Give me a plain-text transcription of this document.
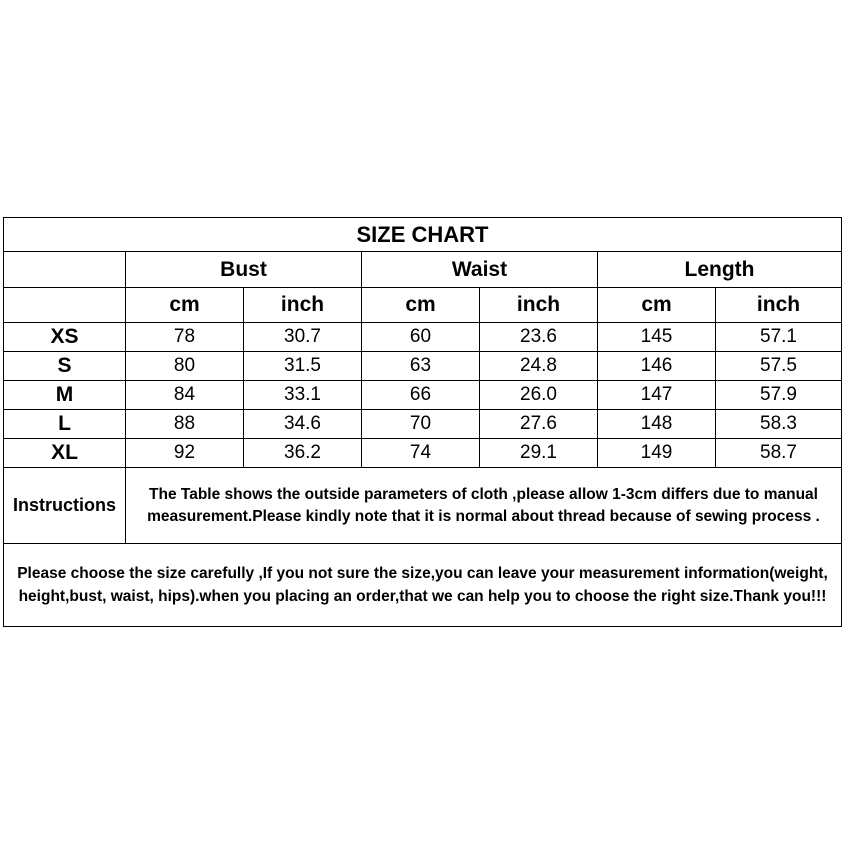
SIZE CHART						
	Bust		Waist		Length	
	cm	inch	cm	inch	cm	inch
XS	78	30.7	60	23.6	145	57.1
S	80	31.5	63	24.8	146	57.5
M	84	33.1	66	26.0	147	57.9
L	88	34.6	70	27.6	148	58.3
XL	92	36.2	74	29.1	149	58.7
Instructions	The Table shows the outside parameters of cloth ,please allow 1-3cm differs due to manual measurement.Please kindly note that it is normal about thread because of sewing process .					
Please choose the size carefully ,If you not sure the size,you can leave your measurement information(weight, height,bust, waist, hips).when you placing an order,that we can help you to choose the right size.Thank you!!!						
